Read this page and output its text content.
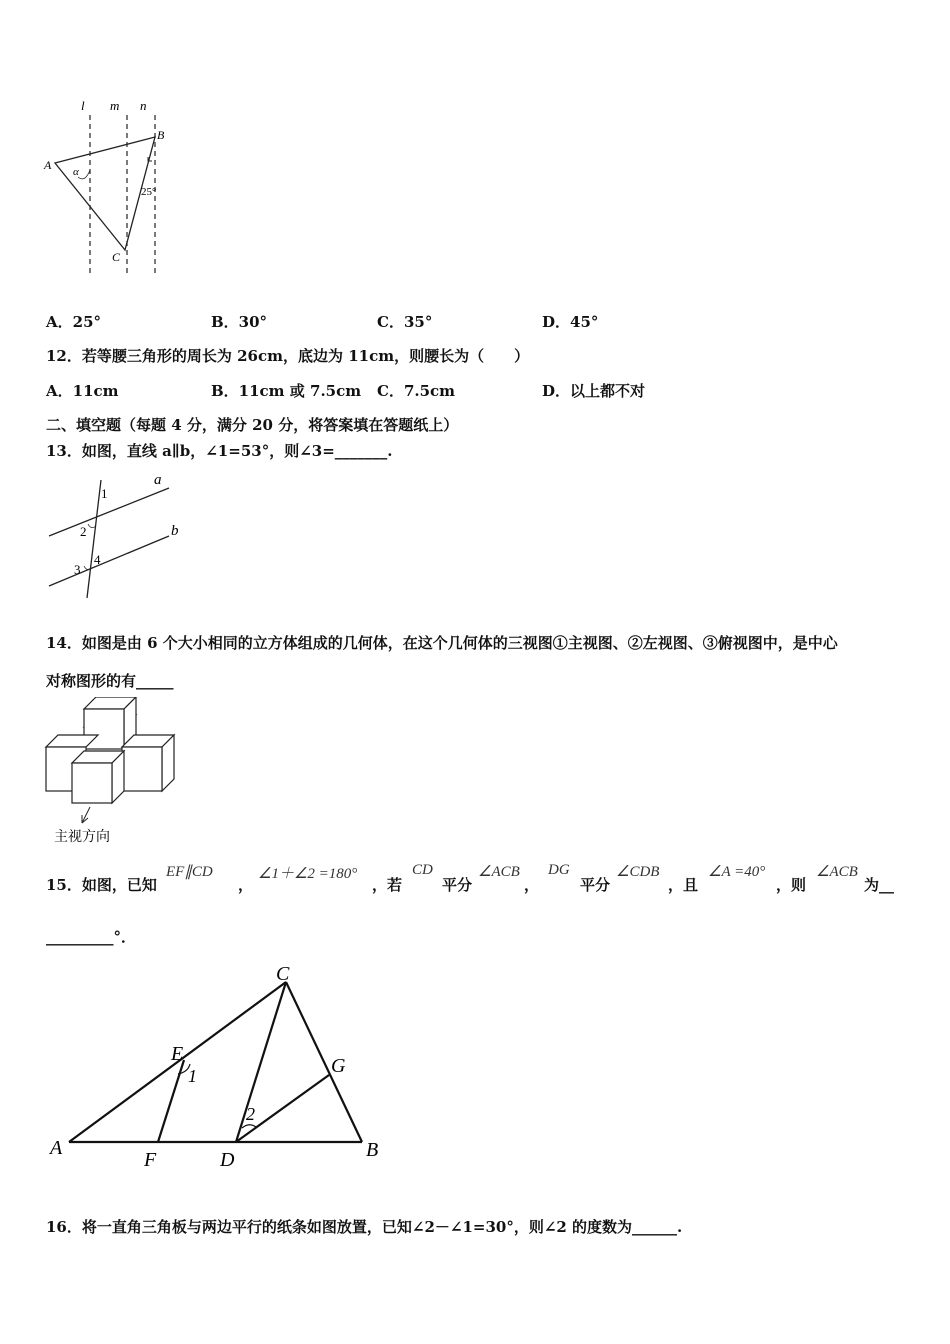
l m n
A
B
C
α
25°
A．25°	B．30°	C．35°	D．45°
12．若等腰三角形的周长为 26cm，底边为 11cm，则腰长为（　　）
A．11cm	B．11cm 或 7.5cm C．7.5cm	D．以上都不对
二、填空题（每题 4 分，满分 20 分，将答案填在答题纸上）
13．如图，直线 a∥b，∠1=53°，则∠3=_______.
a
b
1
2
3
4
14．如图是由 6 个大小相同的立方体组成的几何体，在这个几何体的三视图①主视图、②左视图、③俯视图中，是中心
对称图形的有_____
主视方向
15．如图，已知
EF∥CD
，
∠1＋∠2 =180°
，若
CD
平分
∠ACB
，
DG
平分
∠CDB
，且
∠A =40°
，则
∠ACB
为__
_________°．
C
E
1	G
2
A
F	D	B
16．将一直角三角板与两边平行的纸条如图放置，已知∠2－∠1=30°，则∠2 的度数为______.
